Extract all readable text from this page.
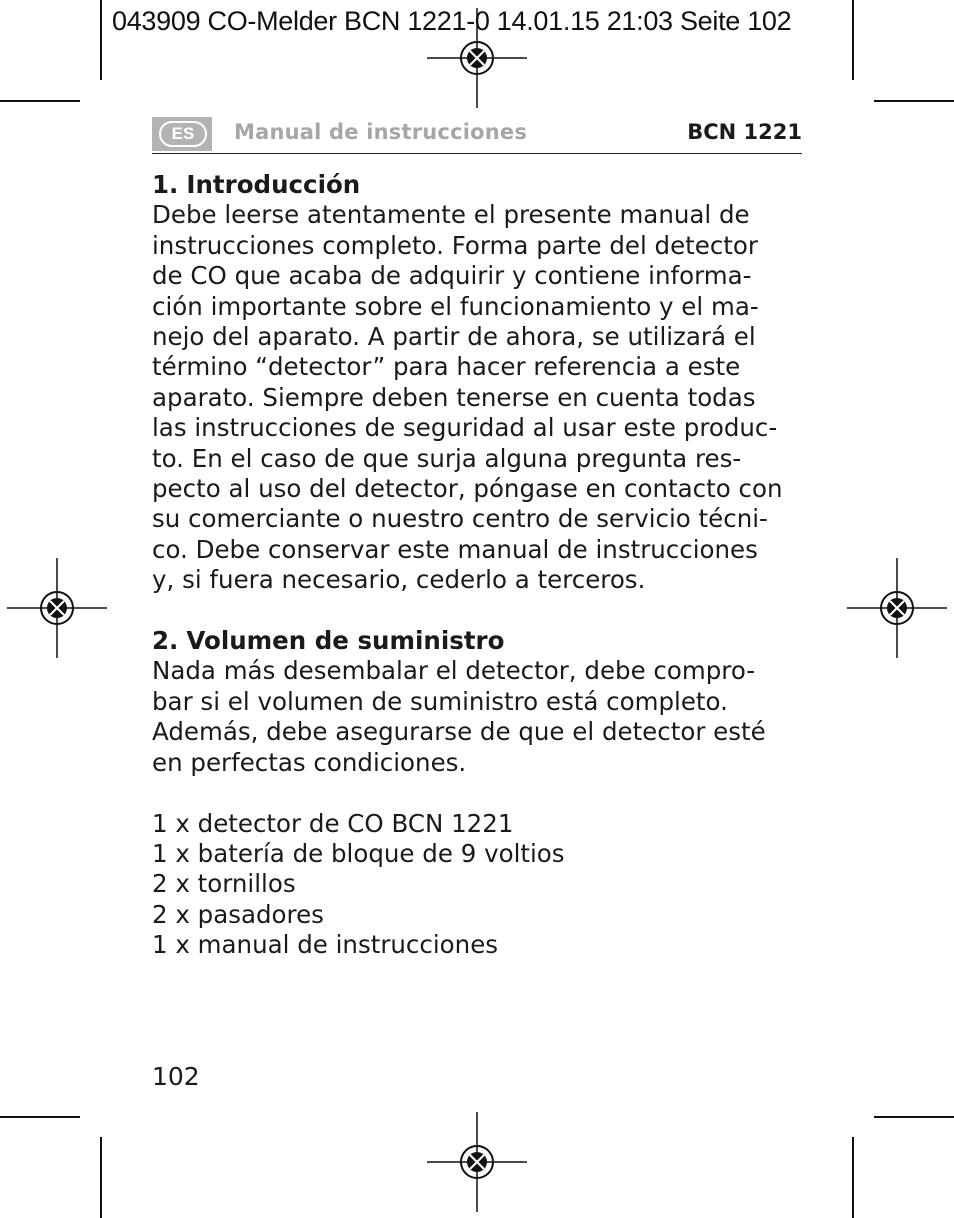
043909 CO-Melder BCN 1221-0 14.01.15 21:03 Seite 102
ES	Manual de instrucciones	BCN 1221
1. Introducción

Debe leerse atentamente el presente manual de
instrucciones completo. Forma parte del detector
de CO que acaba de adquirir y contiene informa-
ción importante sobre el funcionamiento y el ma-
nejo del aparato. A partir de ahora, se utilizará el
término “detector” para hacer referencia a este
aparato. Siempre deben tenerse en cuenta todas
las instrucciones de seguridad al usar este produc-
to. En el caso de que surja alguna pregunta res-
pecto al uso del detector, póngase en contacto con
su comerciante o nuestro centro de servicio técni-
co. Debe conservar este manual de instrucciones
y, si fuera necesario, cederlo a terceros.

2. Volumen de suministro

Nada más desembalar el detector, debe compro-
bar si el volumen de suministro está completo.
Además, debe asegurarse de que el detector esté
en perfectas condiciones.

1 x detector de CO BCN 1221
1 x batería de bloque de 9 voltios
2 x tornillos
2 x pasadores
1 x manual de instrucciones
102
